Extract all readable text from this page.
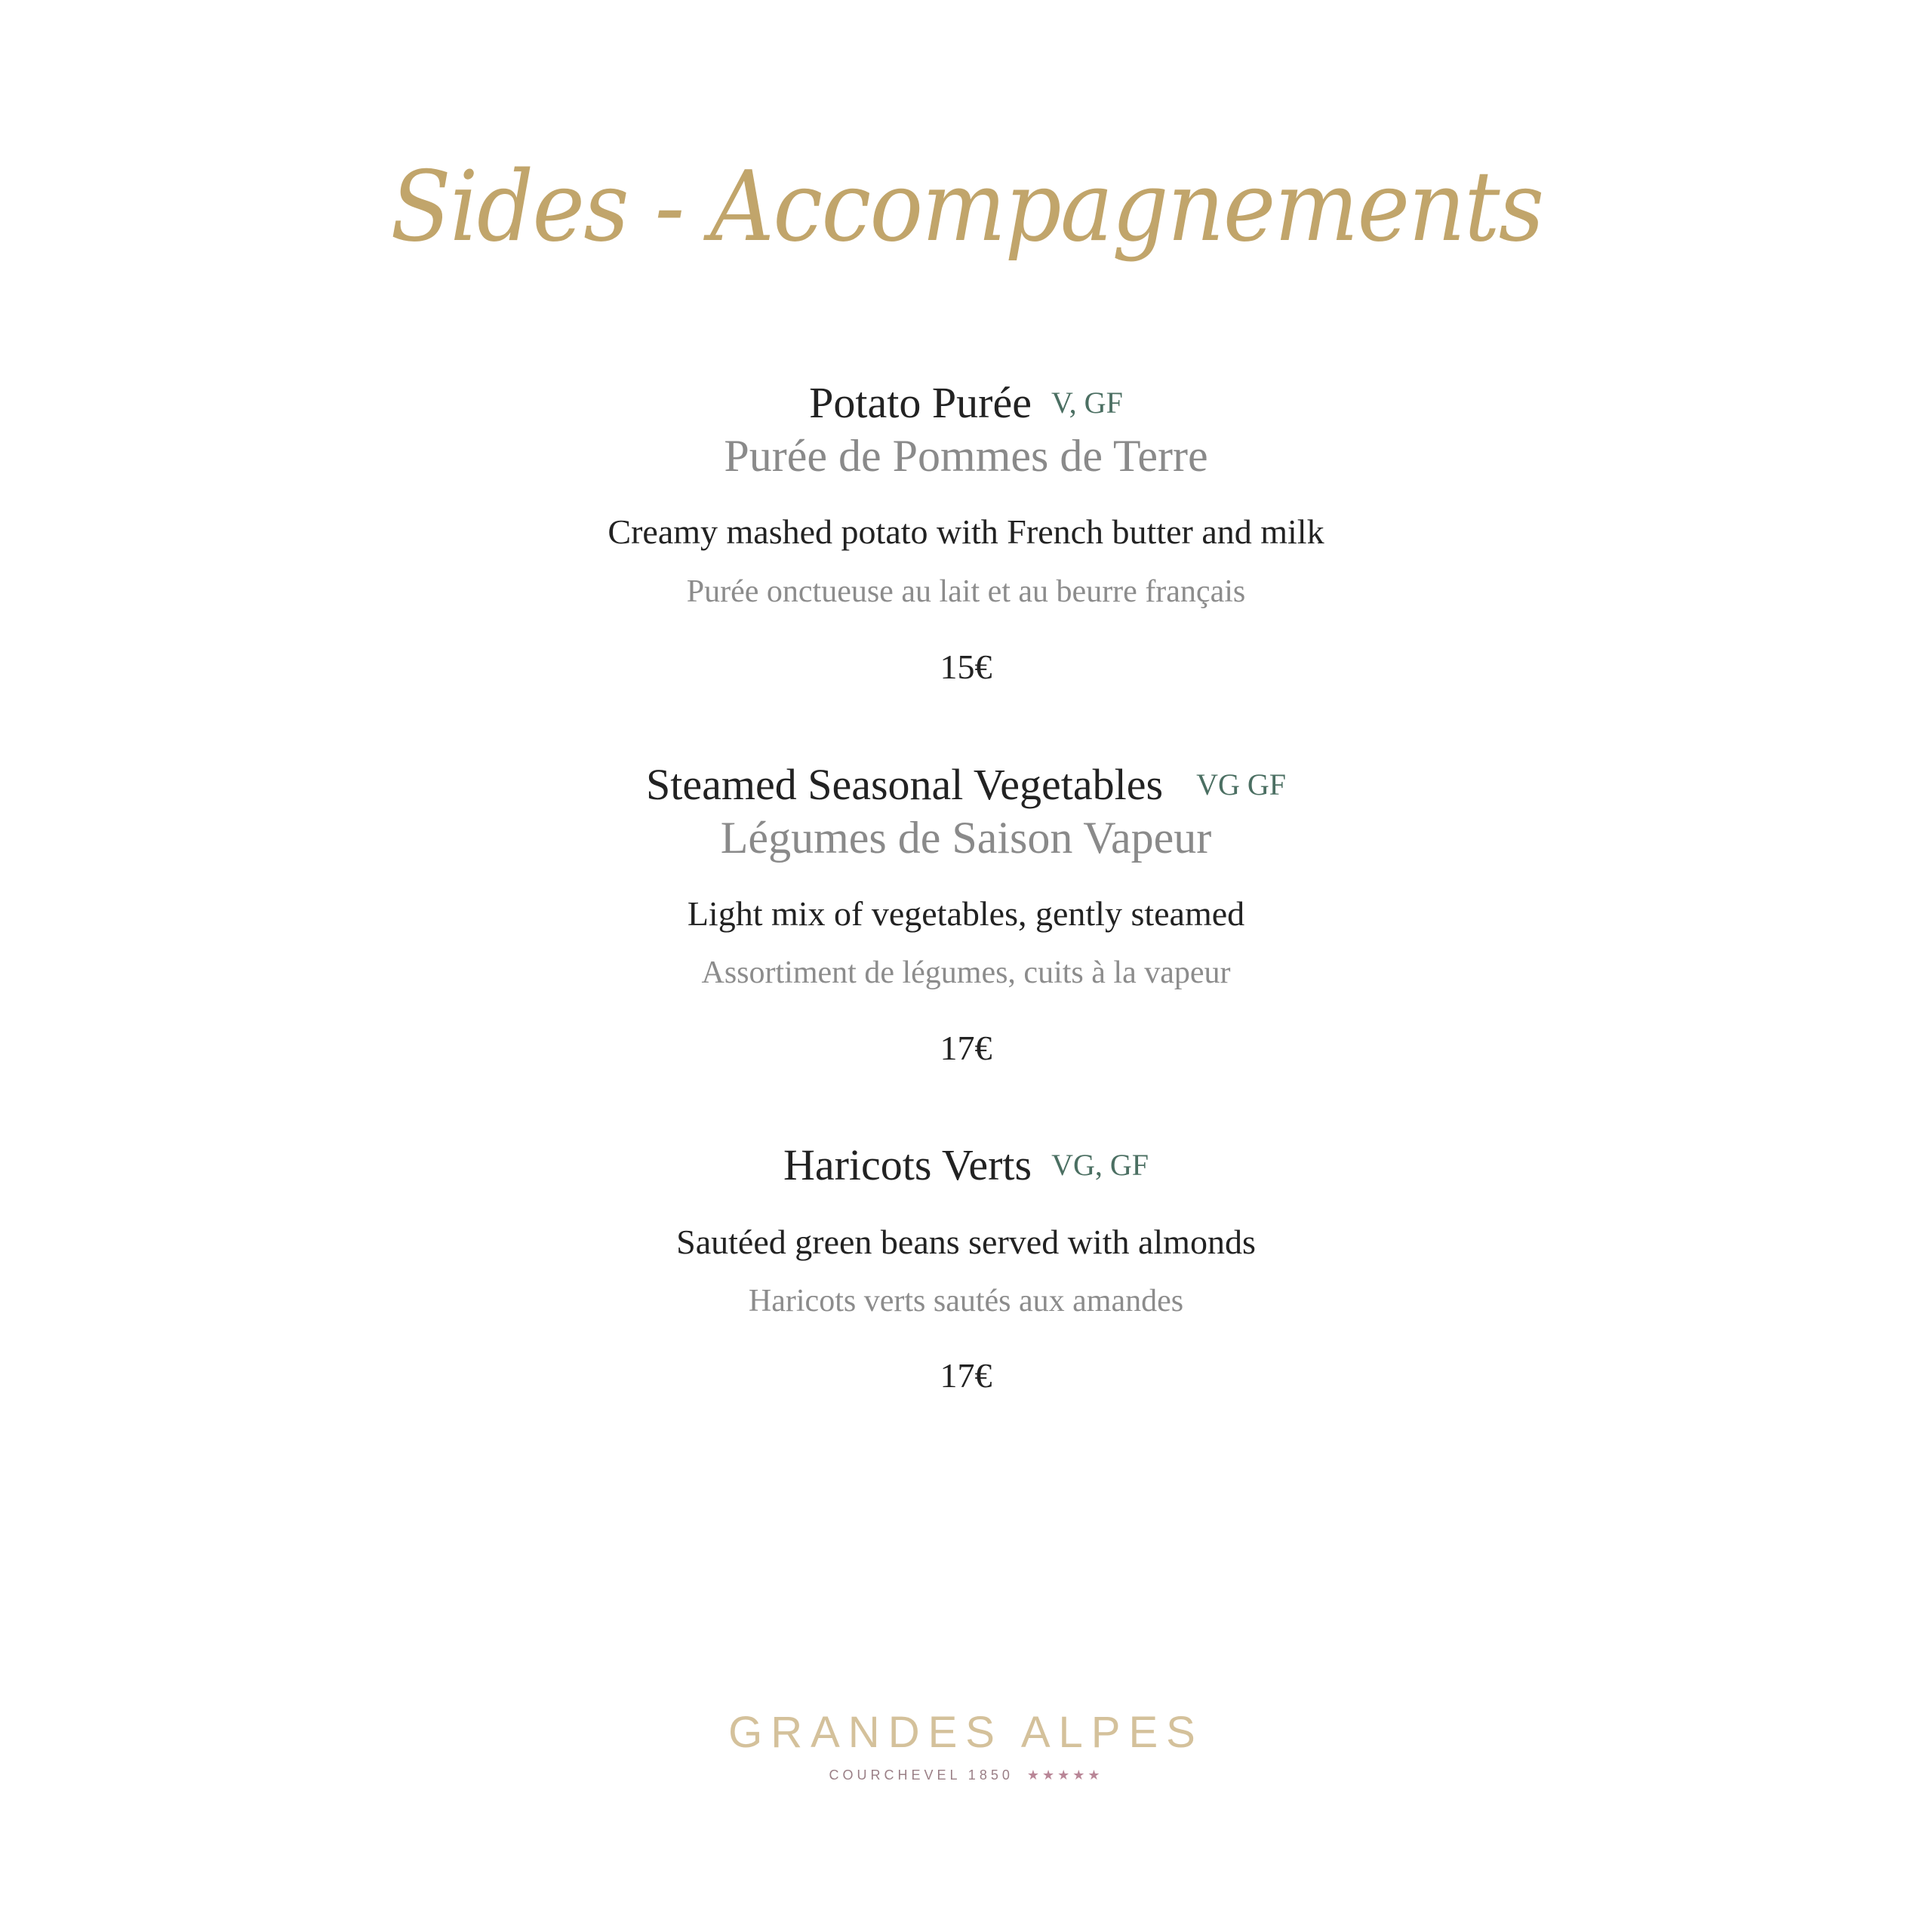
Sides - Accompagnements
Potato Purée V, GF
Purée de Pommes de Terre
Creamy mashed potato with French butter and milk
Purée onctueuse au lait et au beurre français
15€
Steamed Seasonal Vegetables VG GF
Légumes de Saison Vapeur
Light mix of vegetables, gently steamed
Assortiment de légumes, cuits à la vapeur
17€
Haricots Verts VG, GF
Sautéed green beans served with almonds
Haricots verts sautés aux amandes
17€
GRANDES ALPES
COURCHEVEL 1850 ★★★★★
